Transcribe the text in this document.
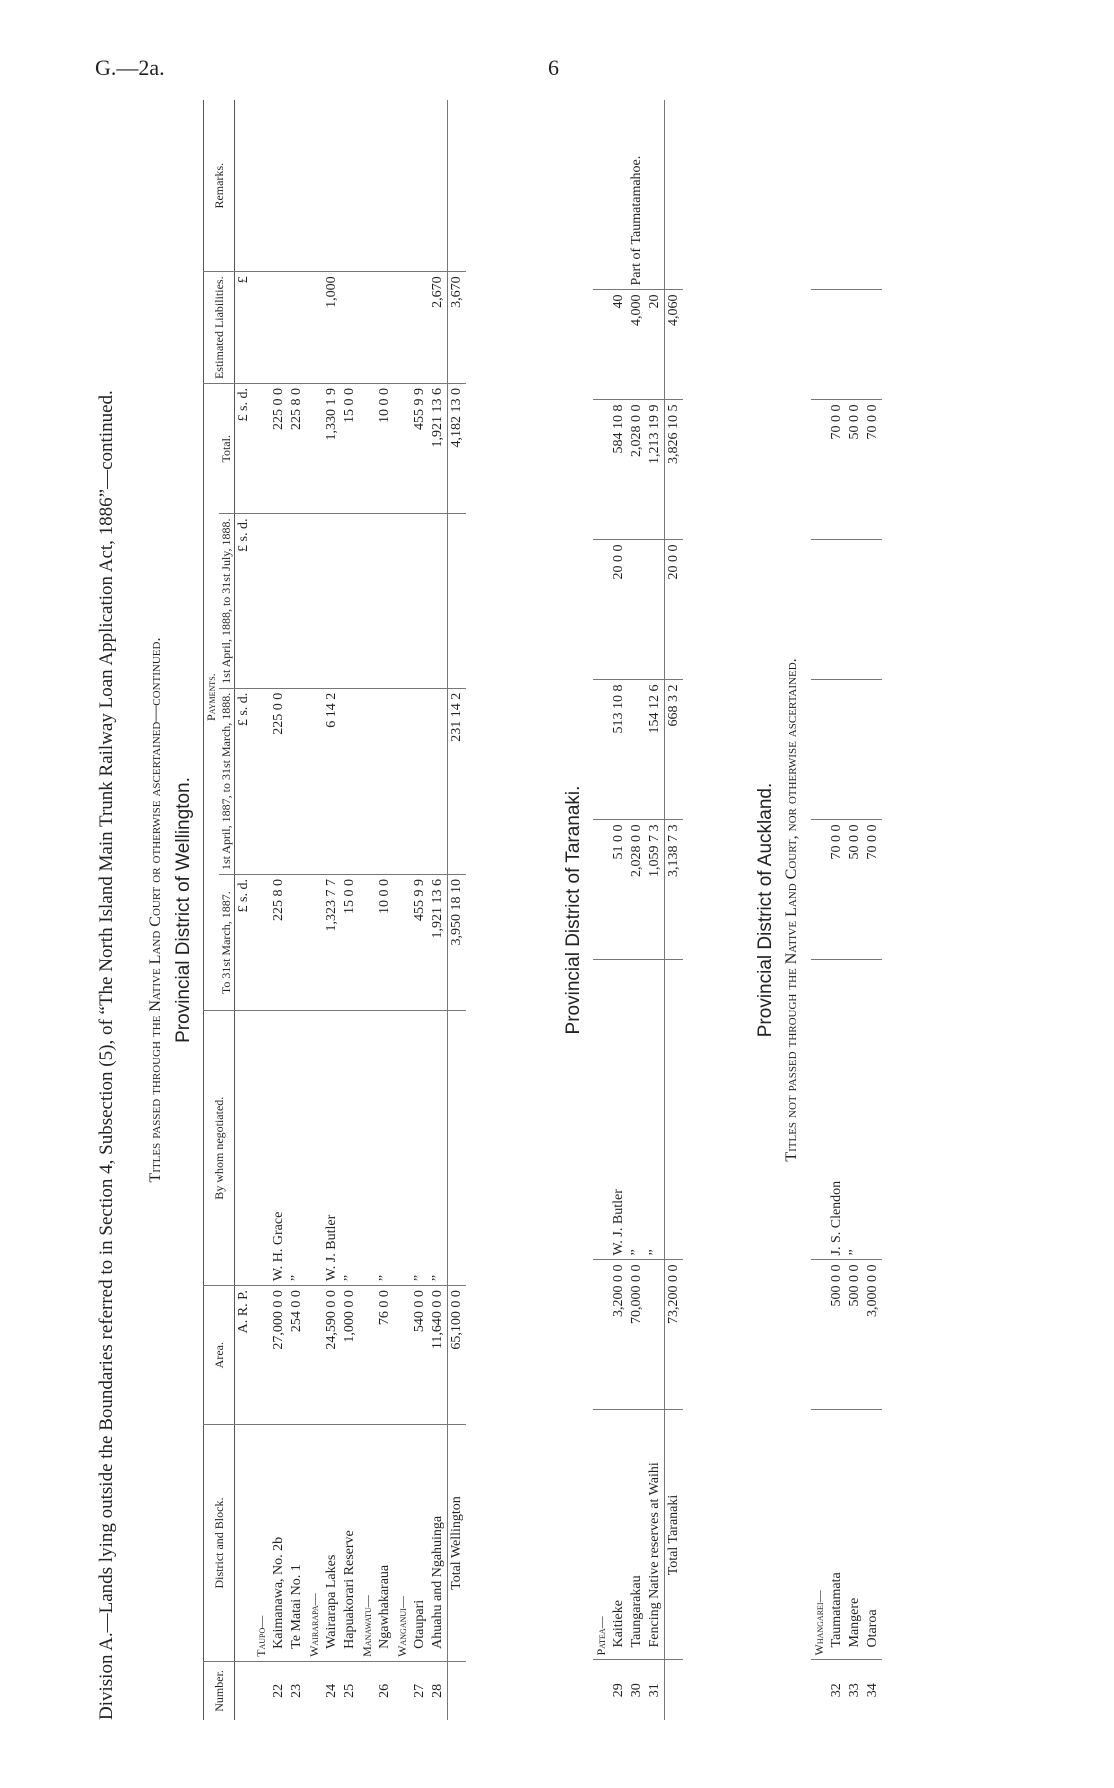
G.—2a.	6
Division A.—Lands lying outside the Boundaries referred to in Section 4, Subsection (5), of “The North Island Main Trunk Railway Loan Application Act, 1886”—continued. Titles passed through the Native Land Court or otherwise ascertained—continued. Provincial District of Wellington.
Number.	District and Block.	Area.	By whom negotiated.	Payments.				Estimated Liabilities.	Remarks.
				To 31st March, 1887.	1st April, 1887, to 31st March, 1888.	1st April, 1888, to 31st July, 1888.	Total.		
		A. R. P.		£ s. d.	£ s. d.	£ s. d.	£ s. d.	£	
	Taupo—								
22	Kaimanawa, No. 2b	27,000 0 0	W. H. Grace	225 8 0	225 0 0		225 0 0		
23	Te Matai No. 1	254 0 0	”				225 8 0		
	Wairarapa—								
24	Wairarapa Lakes	24,590 0 0	W. J. Butler	1,323 7 7	6 14 2		1,330 1 9	1,000	
25	Hapuakorari Reserve	1,000 0 0	”	15 0 0			15 0 0		
	Manawatu—								
26	Ngawhakaraua	76 0 0	”	10 0 0			10 0 0		
	Wanganui—								
27	Otaupari	540 0 0	”	455 9 9			455 9 9		
28	Ahuahu and Ngahuinga	11,640 0 0	”	1,921 13 6			1,921 13 6	2,670	
	Total Wellington	65,100 0 0		3,950 18 10	231 14 2		4,182 13 0	3,670	
Provincial District of Taranaki.
	Patea—								
29	Kaitieke	3,200 0 0	W. J. Butler	51 0 0	513 10 8	20 0 0	584 10 8	40	
30	Taungarakau	70,000 0 0	”	2,028 0 0			2,028 0 0	4,000	Part of Taumatamahoe.
31	Fencing Native reserves at Waihi		”	1,059 7 3	154 12 6		1,213 19 9	20	
	Total Taranaki	73,200 0 0		3,138 7 3	668 3 2	20 0 0	3,826 10 5	4,060	
Provincial District of Auckland. Titles not passed through the Native Land Court, nor otherwise ascertained.
	Whangarei—								
32	Taumatamata	500 0 0	J. S. Clendon	70 0 0			70 0 0		
33	Mangere	500 0 0	”	50 0 0			50 0 0		
34	Otaroa	3,000 0 0		70 0 0			70 0 0		
